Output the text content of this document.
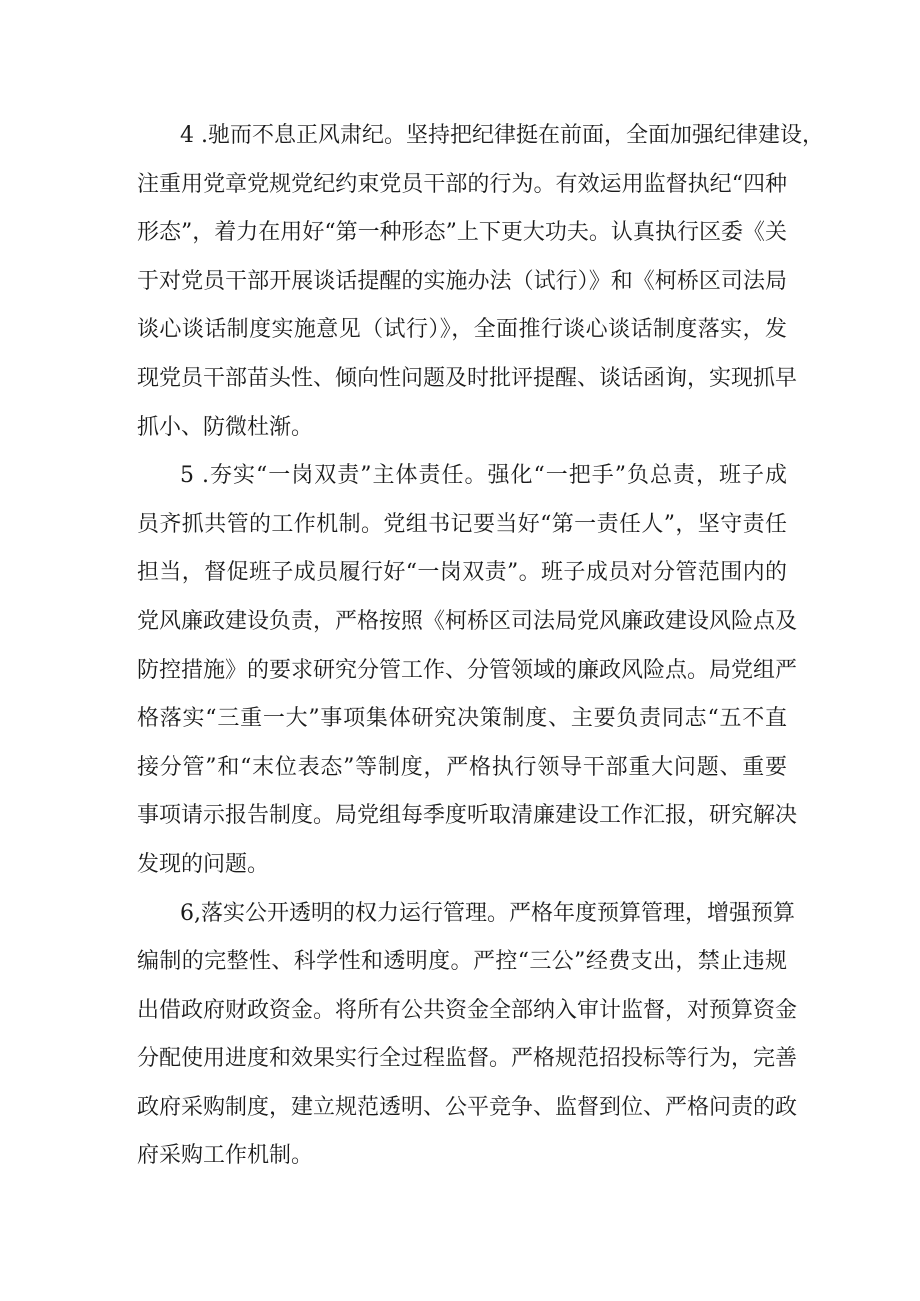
4 .驰而不息正风肃纪。坚持把纪律挺在前面，全面加强纪律建设，
注重用党章党规党纪约束党员干部的行为。有效运用监督执纪“四种
形态”，着力在用好“第一种形态”上下更大功夫。认真执行区委《关
于对党员干部开展谈话提醒的实施办法（试行）》和《柯桥区司法局
谈心谈话制度实施意见（试行）》，全面推行谈心谈话制度落实，发
现党员干部苗头性、倾向性问题及时批评提醒、谈话函询，实现抓早
抓小、防微杜渐。
5 .夯实“一岗双责”主体责任。强化“一把手”负总责，班子成
员齐抓共管的工作机制。党组书记要当好“第一责任人”，坚守责任
担当，督促班子成员履行好“一岗双责”。班子成员对分管范围内的
党风廉政建设负责，严格按照《柯桥区司法局党风廉政建设风险点及
防控措施》的要求研究分管工作、分管领域的廉政风险点。局党组严
格落实“三重一大”事项集体研究决策制度、主要负责同志“五不直
接分管”和“末位表态”等制度，严格执行领导干部重大问题、重要
事项请示报告制度。局党组每季度听取清廉建设工作汇报，研究解决
发现的问题。
6,落实公开透明的权力运行管理。严格年度预算管理，增强预算
编制的完整性、科学性和透明度。严控“三公”经费支出，禁止违规
出借政府财政资金。将所有公共资金全部纳入审计监督，对预算资金
分配使用进度和效果实行全过程监督。严格规范招投标等行为，完善
政府采购制度，建立规范透明、公平竞争、监督到位、严格问责的政
府采购工作机制。
